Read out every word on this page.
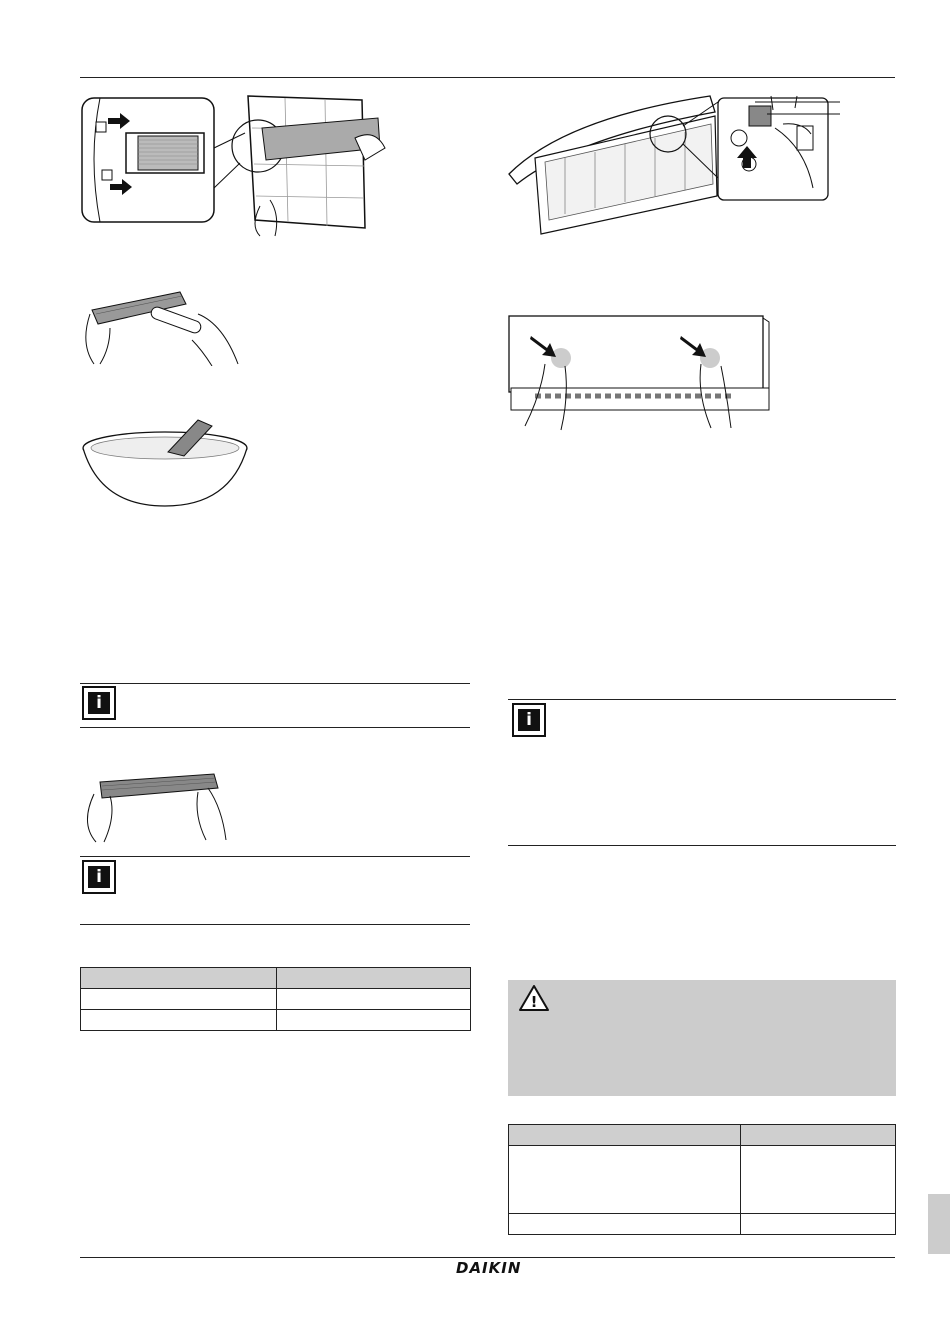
i
i

i
!

DAIKIN
